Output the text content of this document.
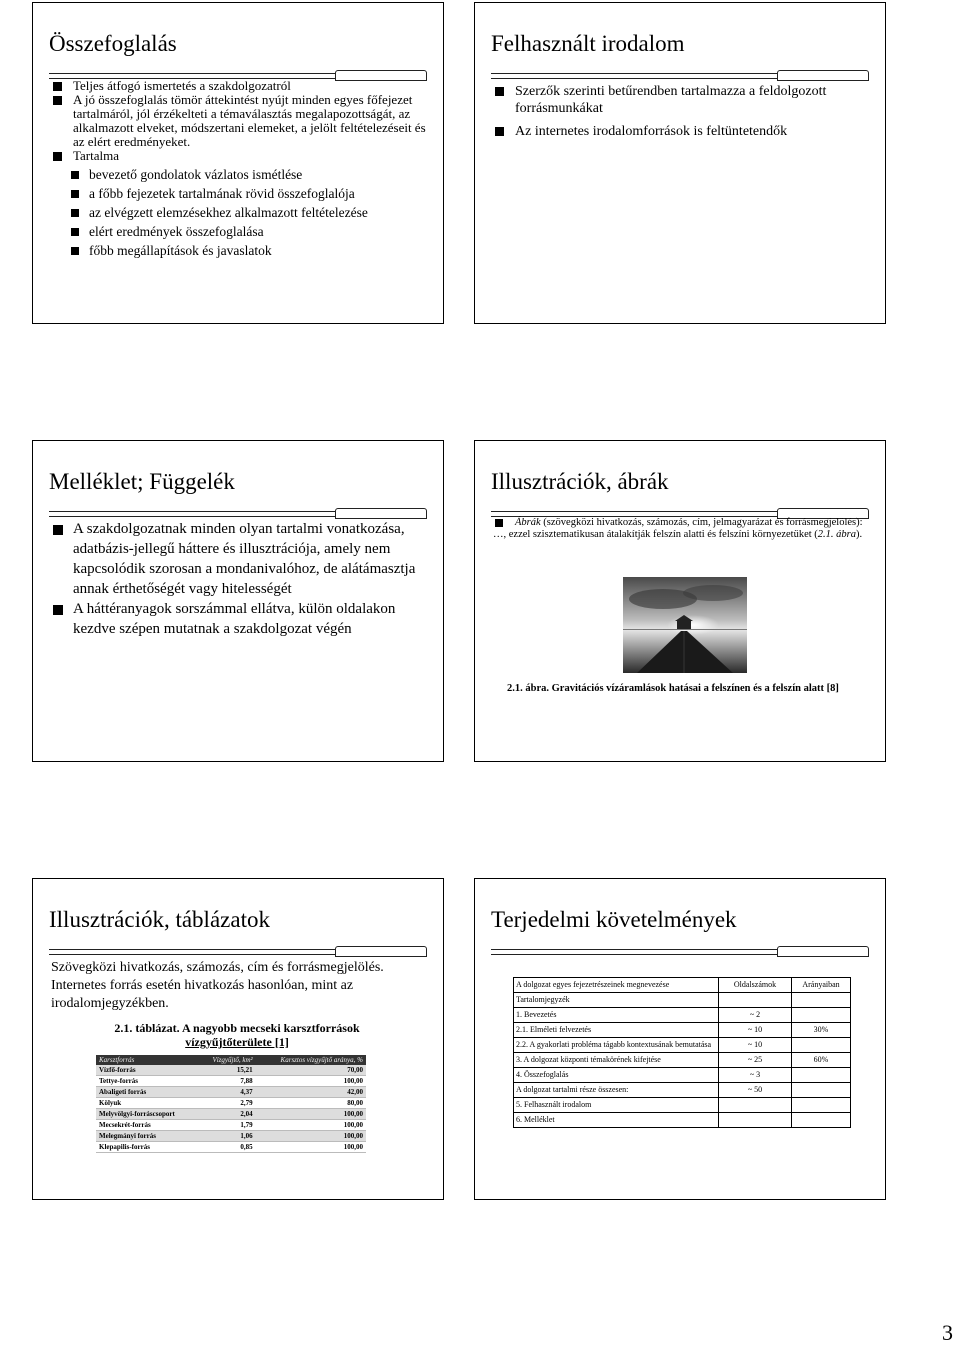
Összefoglalás
Teljes átfogó ismertetés a szakdolgozatról
A jó összefoglalás tömör áttekintést nyújt minden egyes főfejezet tartalmáról, jól érzékelteti a témaválasztás megalapozottságát, az alkalmazott elveket, módszertani elemeket, a jelölt feltételezéseit és az elért eredményeket.
Tartalma
bevezető gondolatok vázlatos ismétlése
a főbb fejezetek tartalmának rövid összefoglalója
az elvégzett elemzésekhez alkalmazott feltételezése
elért eredmények összefoglalása
főbb megállapítások és javaslatok
Felhasznált irodalom
Szerzők szerinti betűrendben tartalmazza a feldolgozott forrásmunkákat
Az internetes irodalomforrások is feltüntetendők
Melléklet; Függelék
A szakdolgozatnak minden olyan tartalmi vonatkozása, adatbázis-jellegű háttere és illusztrációja, amely nem kapcsolódik szorosan a mondanivalóhoz, de alátámasztja annak érthetőségét vagy hitelességét
A háttéranyagok sorszámmal ellátva, külön oldalakon kezdve szépen mutatnak a szakdolgozat végén
Illusztrációk, ábrák
Ábrák (szövegközi hivatkozás, számozás, cím, jelmagyarázat és forrásmegjelölés):
…, ezzel szisztematikusan átalakítják felszín alatti és felszíni környezetüket (2.1. ábra).
2.1. ábra. Gravitációs vízáramlások hatásai a felszínen és a felszín alatt [8]
Illusztrációk, táblázatok
Szövegközi hivatkozás, számozás, cím és forrásmegjelölés. Internetes forrás esetén hivatkozás hasonlóan, mint az irodalomjegyzékben.
2.1. táblázat. A nagyobb mecseki karsztforrások
vízgyűjtőterülete [1]
Karsztforrás	Vízgyűjtő, km²	Karsztos vízgyűjtő aránya, %
Vízfő-forrás	15,21	70,00
Tettye-forrás	7,88	100,00
Abaligeti forrás	4,37	42,00
Kölyuk	2,79	80,00
Melyvölgyi-forráscsoport	2,04	100,00
Mecsekrét-forrás	1,79	100,00
Melegmányi forrás	1,06	100,00
Klepapilis-forrás	0,85	100,00
Terjedelmi követelmények
A dolgozat egyes fejezetrészeinek megnevezése	Oldalszámok	Arányaiban
Tartalomjegyzék		
1. Bevezetés	~ 2	
2.1. Elméleti felvezetés	~ 10	30%
2.2. A gyakorlati probléma tágabb kontextusának bemutatása	~ 10	
3. A dolgozat központi témakörének kifejtése	~ 25	60%
4. Összefoglalás	~ 3	
A dolgozat tartalmi része összesen:	~ 50	
5. Felhasznált irodalom		
6. Melléklet		
3
